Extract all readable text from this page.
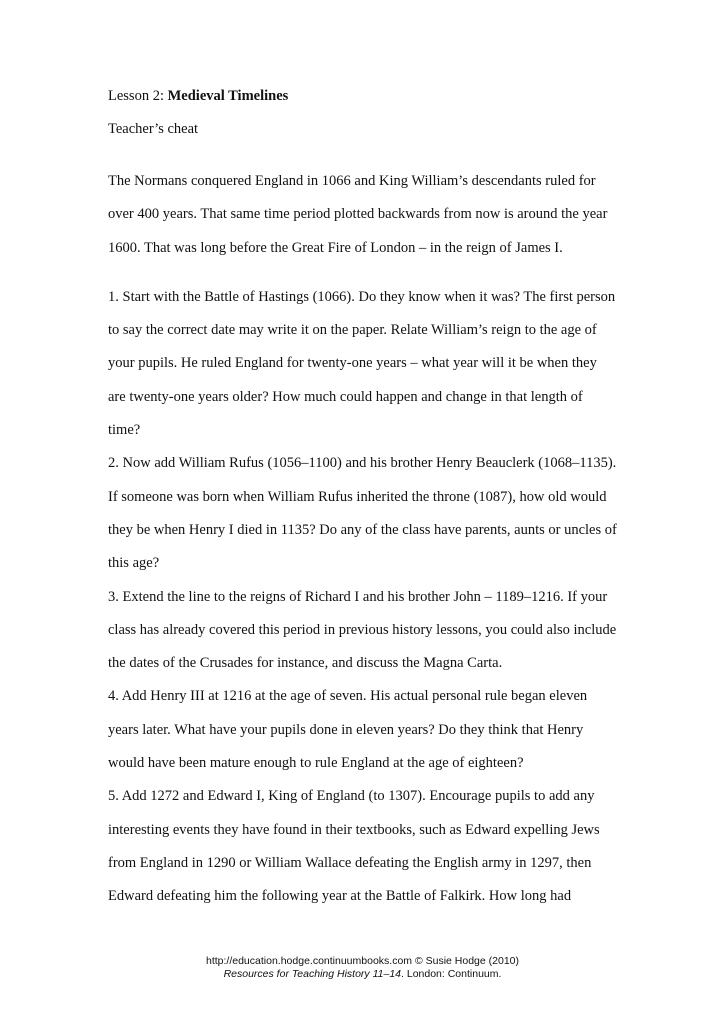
Lesson 2: Medieval Timelines
Teacher’s cheat

The Normans conquered England in 1066 and King William’s descendants ruled for over 400 years. That same time period plotted backwards from now is around the year 1600. That was long before the Great Fire of London – in the reign of James I.

1. Start with the Battle of Hastings (1066). Do they know when it was? The first person to say the correct date may write it on the paper. Relate William’s reign to the age of your pupils. He ruled England for twenty-one years – what year will it be when they are twenty-one years older? How much could happen and change in that length of time?

2. Now add William Rufus (1056–1100) and his brother Henry Beauclerk (1068–1135). If someone was born when William Rufus inherited the throne (1087), how old would they be when Henry I died in 1135? Do any of the class have parents, aunts or uncles of this age?

3. Extend the line to the reigns of Richard I and his brother John – 1189–1216. If your class has already covered this period in previous history lessons, you could also include the dates of the Crusades for instance, and discuss the Magna Carta.

4. Add Henry III at 1216 at the age of seven. His actual personal rule began eleven years later. What have your pupils done in eleven years? Do they think that Henry would have been mature enough to rule England at the age of eighteen?

5. Add 1272 and Edward I, King of England (to 1307). Encourage pupils to add any interesting events they have found in their textbooks, such as Edward expelling Jews from England in 1290 or William Wallace defeating the English army in 1297, then Edward defeating him the following year at the Battle of Falkirk. How long had

http://education.hodge.continuumbooks.com © Susie Hodge (2010)
Resources for Teaching History 11–14. London: Continuum.
